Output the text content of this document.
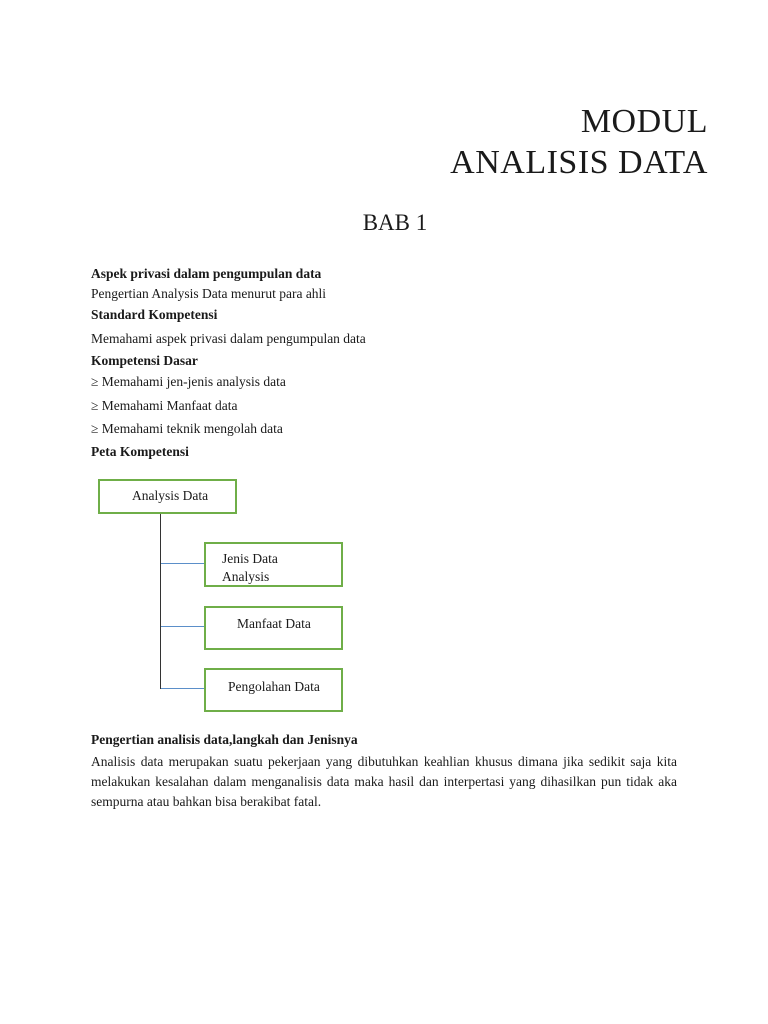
MODUL
ANALISIS DATA
BAB 1
Aspek privasi dalam pengumpulan data
Pengertian Analysis Data menurut para ahli
Standard Kompetensi
Memahami aspek privasi dalam pengumpulan data
Kompetensi Dasar
≥ Memahami jen-jenis analysis data
≥ Memahami Manfaat data
≥ Memahami teknik mengolah data
Peta Kompetensi
Analysis Data
Jenis Data
Analysis
Manfaat Data
Pengolahan Data
Pengertian analisis data,langkah dan Jenisnya
Analisis data merupakan suatu pekerjaan yang dibutuhkan keahlian khusus dimana jika sedikit saja kita melakukan kesalahan dalam menganalisis data maka hasil dan interpertasi yang dihasilkan pun tidak aka sempurna atau bahkan bisa berakibat fatal.
